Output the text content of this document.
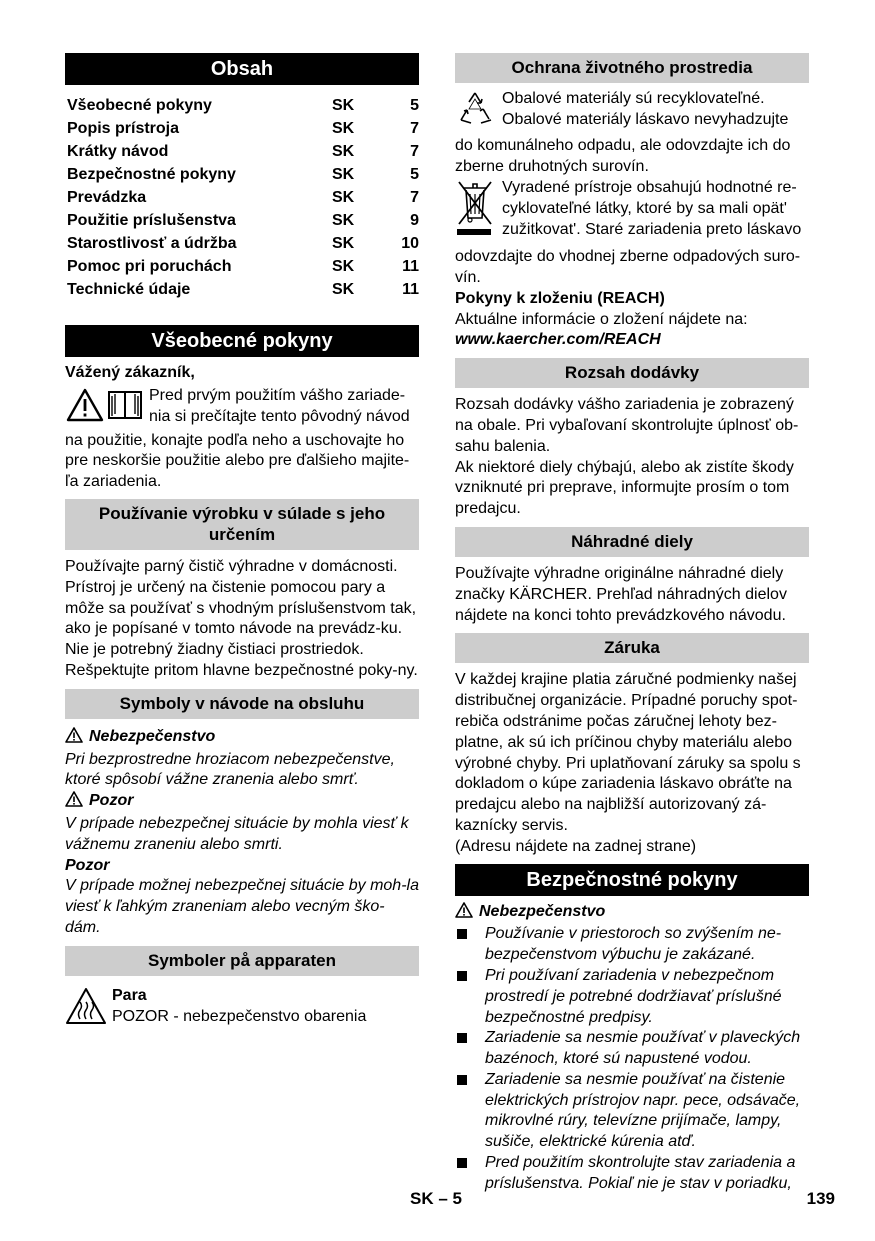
Obsah
Všeobecné pokyny	SK	5
Popis prístroja	SK	7
Krátky návod	SK	7
Bezpečnostné pokyny	SK	5
Prevádzka	SK	7
Použitie príslušenstva	SK	9
Starostlivosť a údržba	SK	10
Pomoc pri poruchách	SK	11
Technické údaje	SK	11
Všeobecné pokyny

Vážený zákazník,

Pred prvým použitím vášho zariade-

nia si prečítajte tento pôvodný návod

na použitie, konajte podľa neho a uschovajte ho pre neskoršie použitie alebo pre ďalšieho majite-ľa zariadenia.

Používanie výrobku v súlade s jeho určením

Používajte parný čistič výhradne v domácnosti. Prístroj je určený na čistenie pomocou pary a môže sa používať s vhodným príslušenstvom tak, ako je popísané v tomto návode na prevádz-ku. Nie je potrebný žiadny čistiaci prostriedok. Rešpektujte pritom hlavne bezpečnostné poky-ny.

Symboly v návode na obsluhu

Nebezpečenstvo

Pri bezprostredne hroziacom nebezpečenstve, ktoré spôsobí vážne zranenia alebo smrť.

Pozor

V prípade nebezpečnej situácie by mohla viesť k vážnemu zraneniu alebo smrti.

Pozor

V prípade možnej nebezpečnej situácie by moh-la viesť k ľahkým zraneniam alebo vecným ško-dám.

Symboler på apparaten

Para

POZOR - nebezpečenstvo obarenia

Ochrana životného prostredia

Obalové materiály sú recyklovateľné.

Obalové materiály láskavo nevyhadzujte

do komunálneho odpadu, ale odovzdajte ich do zberne druhotných surovín.

Vyradené prístroje obsahujú hodnotné re-

cyklovateľné látky, ktoré by sa mali opät'

zužitkovat'. Staré zariadenia preto láskavo

odovzdajte do vhodnej zberne odpadových suro-vín.

Pokyny k zloženiu (REACH)

Aktuálne informácie o zložení nájdete na:

www.kaercher.com/REACH

Rozsah dodávky

Rozsah dodávky vášho zariadenia je zobrazený na obale. Pri vybaľovaní skontrolujte úplnosť ob-sahu balenia.

Ak niektoré diely chýbajú, alebo ak zistíte škody vzniknuté pri preprave, informujte prosím o tom predajcu.

Náhradné diely

Používajte výhradne originálne náhradné diely značky KÄRCHER. Prehľad náhradných dielov nájdete na konci tohto prevádzkového návodu.

Záruka

V každej krajine platia záručné podmienky našej distribučnej organizácie. Prípadné poruchy spot-rebiča odstránime počas záručnej lehoty bez-platne, ak sú ich príčinou chyby materiálu alebo výrobné chyby. Pri uplatňovaní záruky sa spolu s dokladom o kúpe zariadenia láskavo obráťte na predajcu alebo na najbližší autorizovaný zá-kaznícky servis.

(Adresu nájdete na zadnej strane)

Bezpečnostné pokyny

Nebezpečenstvo

Používanie v priestoroch so zvýšením ne-bezpečenstvom výbuchu je zakázané.
Pri používaní zariadenia v nebezpečnom prostredí je potrebné dodržiavať príslušné bezpečnostné predpisy.
Zariadenie sa nesmie používať v plaveckých bazénoch, ktoré sú napustené vodou.
Zariadenie sa nesmie používať na čistenie elektrických prístrojov napr. pece, odsávače, mikrovlné rúry, televízne prijímače, lampy, sušiče, elektrické kúrenia atď.
Pred použitím skontrolujte stav zariadenia a príslušenstva. Pokiaľ nie je stav v poriadku,
SK – 5	139
